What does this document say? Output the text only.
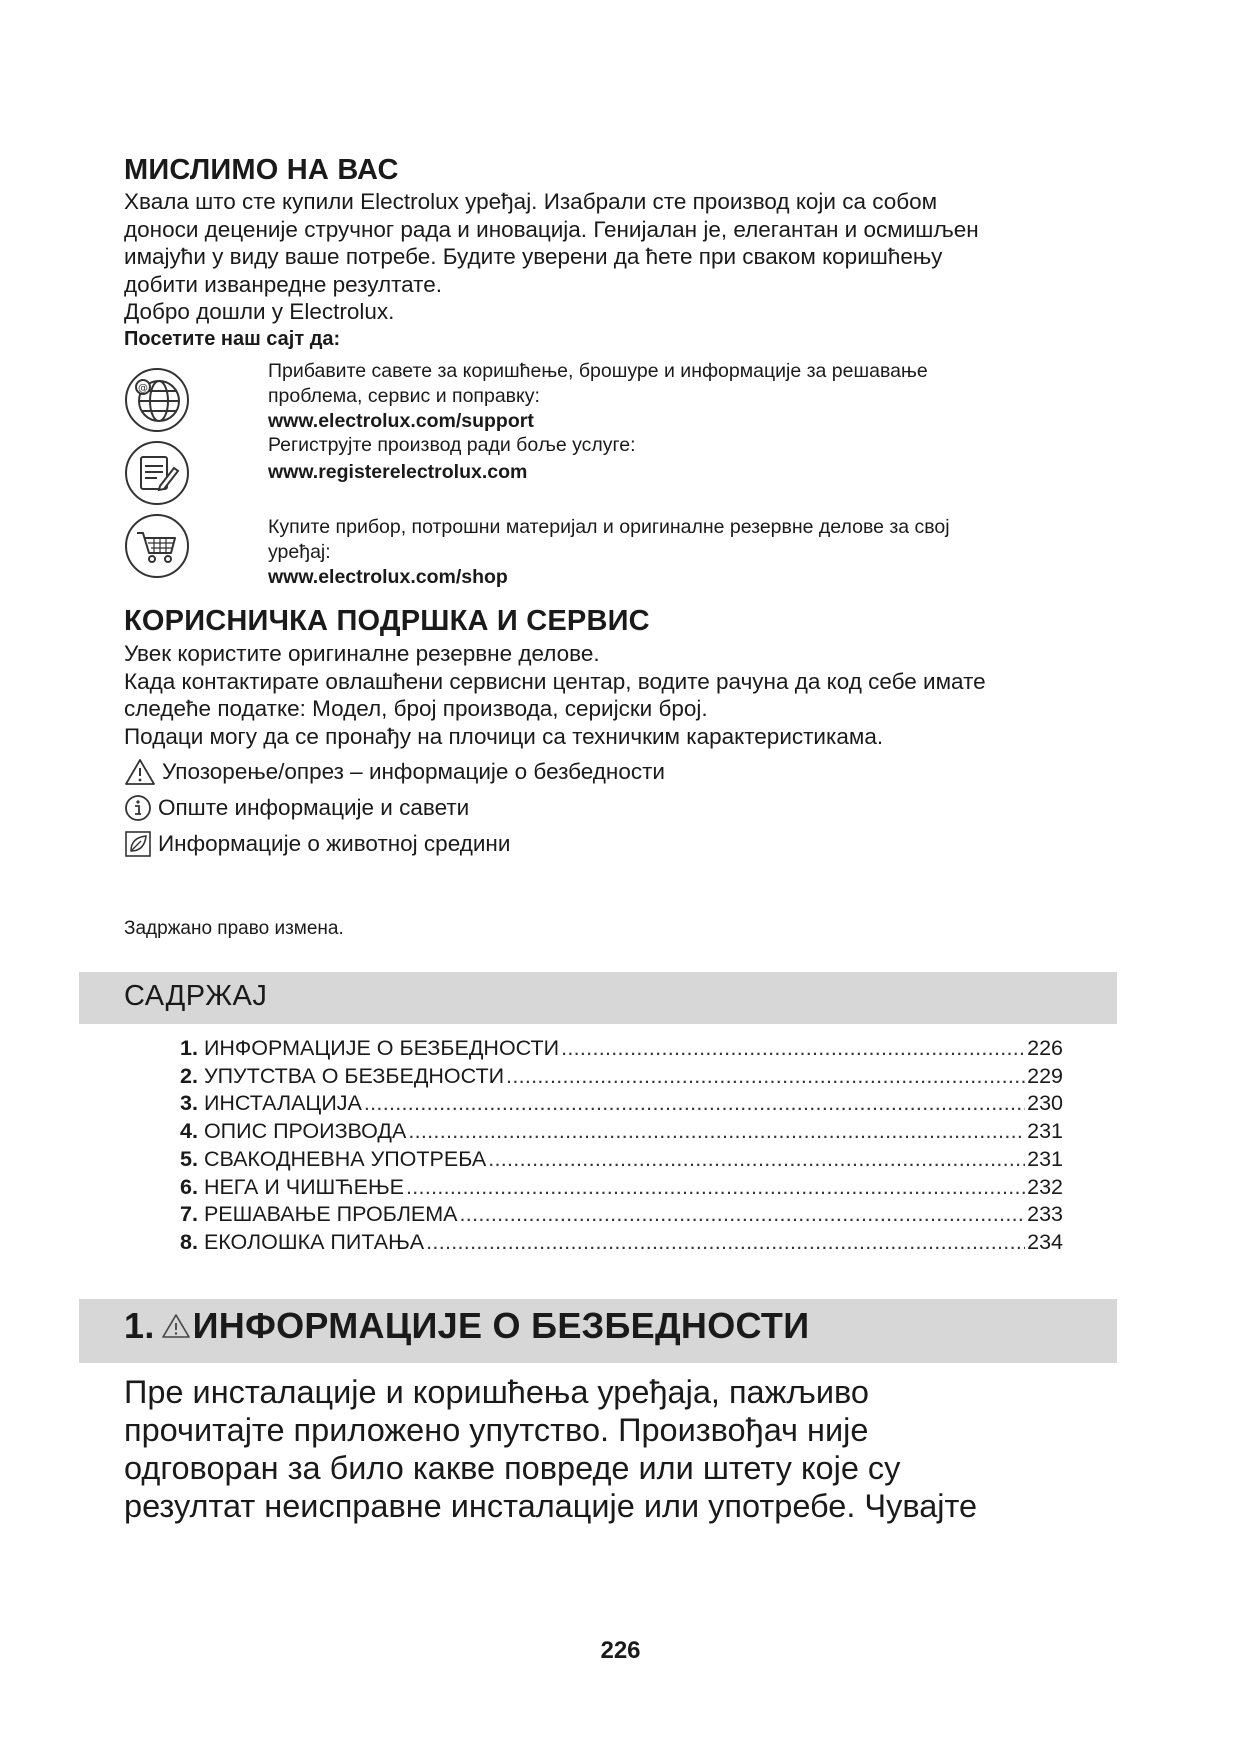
МИСЛИМО НА ВАС

Хвала што сте купили Electrolux уређај. Изабрали сте производ који са собом

доноси деценије стручног рада и иновација. Генијалан је, елегантан и осмишљен

имајући у виду ваше потребе. Будите уверени да ћете при сваком коришћењу

добити изванредне резултате.

Добро дошли у Electrolux.

Посетите наш сајт да:
@
Прибавите савете за коришћење, брошуре и информације за решавање
проблема, сервис и поправку:
www.electrolux.com/support
Региструјте производ ради боље услуге:
www.registerelectrolux.com
Купите прибор, потрошни материјал и оригиналне резервне делове за свој
уређај:
www.electrolux.com/shop
КОРИСНИЧКА ПОДРШКА И СЕРВИС

Увек користите оригиналне резервне делове.

Када контактирате овлашћени сервисни центар, водите рачуна да код себе имате

следеће податке: Модел, број производа, серијски број.

Подаци могу да се пронађу на плочици са техничким карактеристикама.

Упозорење/опрез – информације о безбедности
Опште информације и савети
Информације о животној средини
Задржано право измена.
САДРЖАЈ
1. ИНФОРМАЦИЈЕ О БЕЗБЕДНОСТИ .....	226
2. УПУТСТВА О БЕЗБЕДНОСТИ .....	229
3. ИНСТАЛАЦИЈА .....	230
4. ОПИС ПРОИЗВОДА .....	231
5. СВАКОДНЕВНА УПОТРЕБА .....	231
6. НЕГА И ЧИШЋЕЊЕ .....	232
7. РЕШАВАЊЕ ПРОБЛЕМА .....	233
8. ЕКОЛОШКА ПИТАЊА .....	234
1. ИНФОРМАЦИЈЕ О БЕЗБЕДНОСТИ
Пре инсталације и коришћења уређаја, пажљиво
прочитајте приложено упутство. Произвођач није
одговоран за било какве повреде или штету које су
резултат неисправне инсталације или употребе. Чувајте
226
